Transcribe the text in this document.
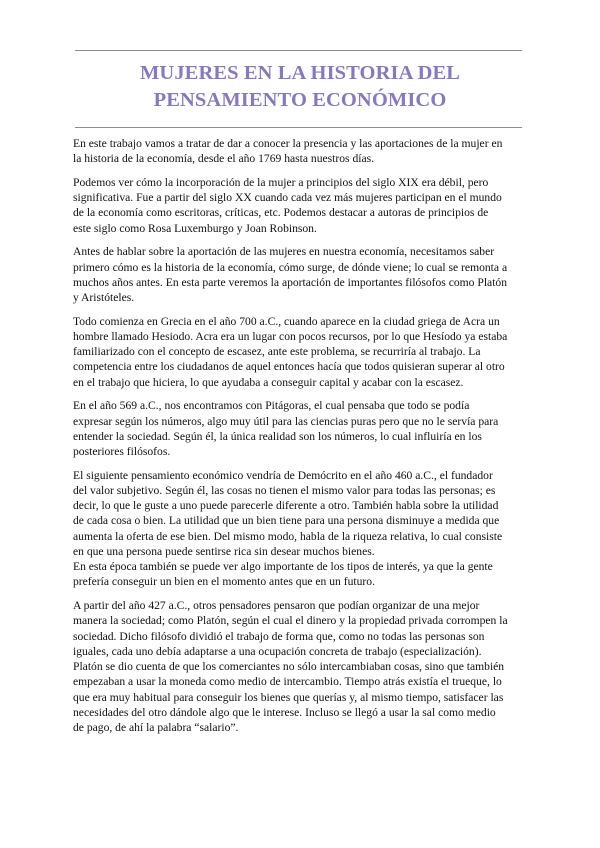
MUJERES EN LA HISTORIA DEL
PENSAMIENTO ECONÓMICO
En este trabajo vamos a tratar de dar a conocer la presencia y las aportaciones de la mujer en
la historia de la economía, desde el año 1769 hasta nuestros días.
Podemos ver cómo la incorporación de la mujer a principios del siglo XIX era débil, pero
significativa. Fue a partir del siglo XX cuando cada vez más mujeres participan en el mundo
de la economía como escritoras, críticas, etc. Podemos destacar a autoras de principios de
este siglo como Rosa Luxemburgo y Joan Robinson.
Antes de hablar sobre la aportación de las mujeres en nuestra economía, necesitamos saber
primero cómo es la historia de la economía, cómo surge, de dónde viene; lo cual se remonta a
muchos años antes. En esta parte veremos la aportación de importantes filósofos como Platón
y Aristóteles.
Todo comienza en Grecia en el año 700 a.C., cuando aparece en la ciudad griega de Acra un
hombre llamado Hesiodo. Acra era un lugar con pocos recursos, por lo que Hesíodo ya estaba
familiarizado con el concepto de escasez, ante este problema, se recurriría al trabajo. La
competencia entre los ciudadanos de aquel entonces hacía que todos quisieran superar al otro
en el trabajo que hiciera, lo que ayudaba a conseguir capital y acabar con la escasez.
En el año 569 a.C., nos encontramos con Pitágoras, el cual pensaba que todo se podía
expresar según los números, algo muy útil para las ciencias puras pero que no le servía para
entender la sociedad. Según él, la única realidad son los números, lo cual influiría en los
posteriores filósofos.
El siguiente pensamiento económico vendría de Demócrito en el año 460 a.C., el fundador
del valor subjetivo. Según él, las cosas no tienen el mismo valor para todas las personas; es
decir, lo que le guste a uno puede parecerle diferente a otro. También habla sobre la utilidad
de cada cosa o bien. La utilidad que un bien tiene para una persona disminuye a medida que
aumenta la oferta de ese bien. Del mismo modo, habla de la riqueza relativa, lo cual consiste
en que una persona puede sentirse rica sin desear muchos bienes.
En esta época también se puede ver algo importante de los tipos de interés, ya que la gente
prefería conseguir un bien en el momento antes que en un futuro.
A partir del año 427 a.C., otros pensadores pensaron que podían organizar de una mejor
manera la sociedad; como Platón, según el cual el dinero y la propiedad privada corrompen la
sociedad. Dicho filósofo dividió el trabajo de forma que, como no todas las personas son
iguales, cada uno debía adaptarse a una ocupación concreta de trabajo (especialización).
Platón se dio cuenta de que los comerciantes no sólo intercambiaban cosas, sino que también
empezaban a usar la moneda como medio de intercambio. Tiempo atrás existía el trueque, lo
que era muy habitual para conseguir los bienes que querías y, al mismo tiempo, satisfacer las
necesidades del otro dándole algo que le interese. Incluso se llegó a usar la sal como medio
de pago, de ahí la palabra “salario”.
